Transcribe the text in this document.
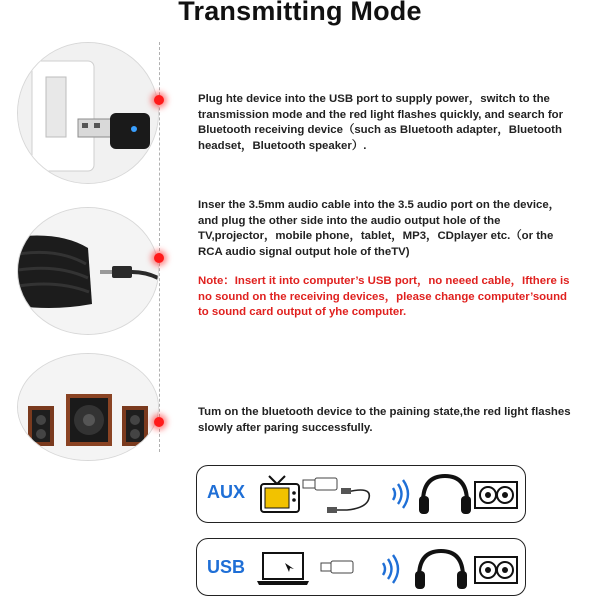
Transmitting Mode

Plug hte device into the USB port to supply power，switch to the transmission mode and the red light flashes quickly, and search for Bluetooth receiving device（such as Bluetooth adapter，Bluetooth headset，Bluetooth speaker）.

Inser the 3.5mm audio cable into the 3.5 audio port on the device，and plug the other side into the audio output hole of the TV,projector，mobile phone，tablet，MP3，CDplayer etc.（or the RCA audio signal output hole of theTV)

Note：Insert it into computer’s USB port，no neeed cable，Ifthere is no sound on the receiving devices，please change computer’sound to sound card output of yhe computer.

Tum on the bluetooth device to the paining state,the red light flashes slowly after paring successfully.

AUX
USB
